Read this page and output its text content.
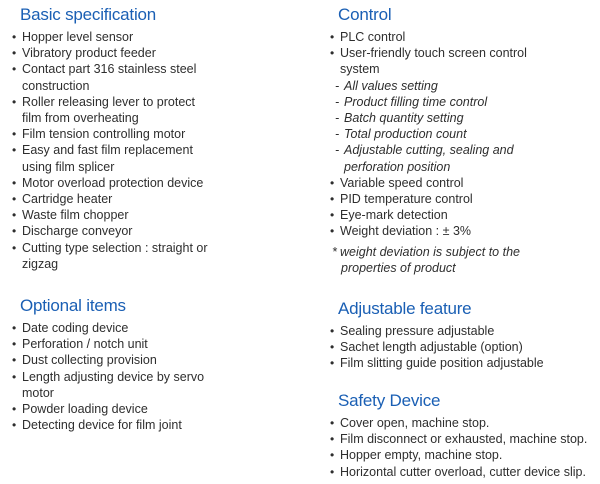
Basic specification
• Hopper level sensor
• Vibratory product feeder
• Contact part 316 stainless steel construction
• Roller releasing lever to protect film from overheating
• Film tension controlling motor
• Easy and fast film replacement using film splicer
• Motor overload protection device
• Cartridge heater
• Waste film chopper
• Discharge conveyor
• Cutting type selection : straight or zigzag
Optional items
• Date coding device
• Perforation / notch unit
• Dust collecting provision
• Length adjusting device by servo motor
• Powder loading device
• Detecting device for film joint
Control
• PLC control
• User-friendly touch screen control system
- All values setting
- Product filling time control
- Batch quantity setting
- Total production count
- Adjustable cutting, sealing and perforation position
• Variable speed control
• PID temperature control
• Eye-mark detection
• Weight deviation : ± 3%
* weight deviation is subject to the
properties of product
Adjustable feature
• Sealing pressure adjustable
• Sachet length adjustable (option)
• Film slitting guide position adjustable
Safety Device
• Cover open, machine stop.
• Film disconnect or exhausted, machine stop.
• Hopper empty, machine stop.
• Horizontal cutter overload, cutter device slip.
